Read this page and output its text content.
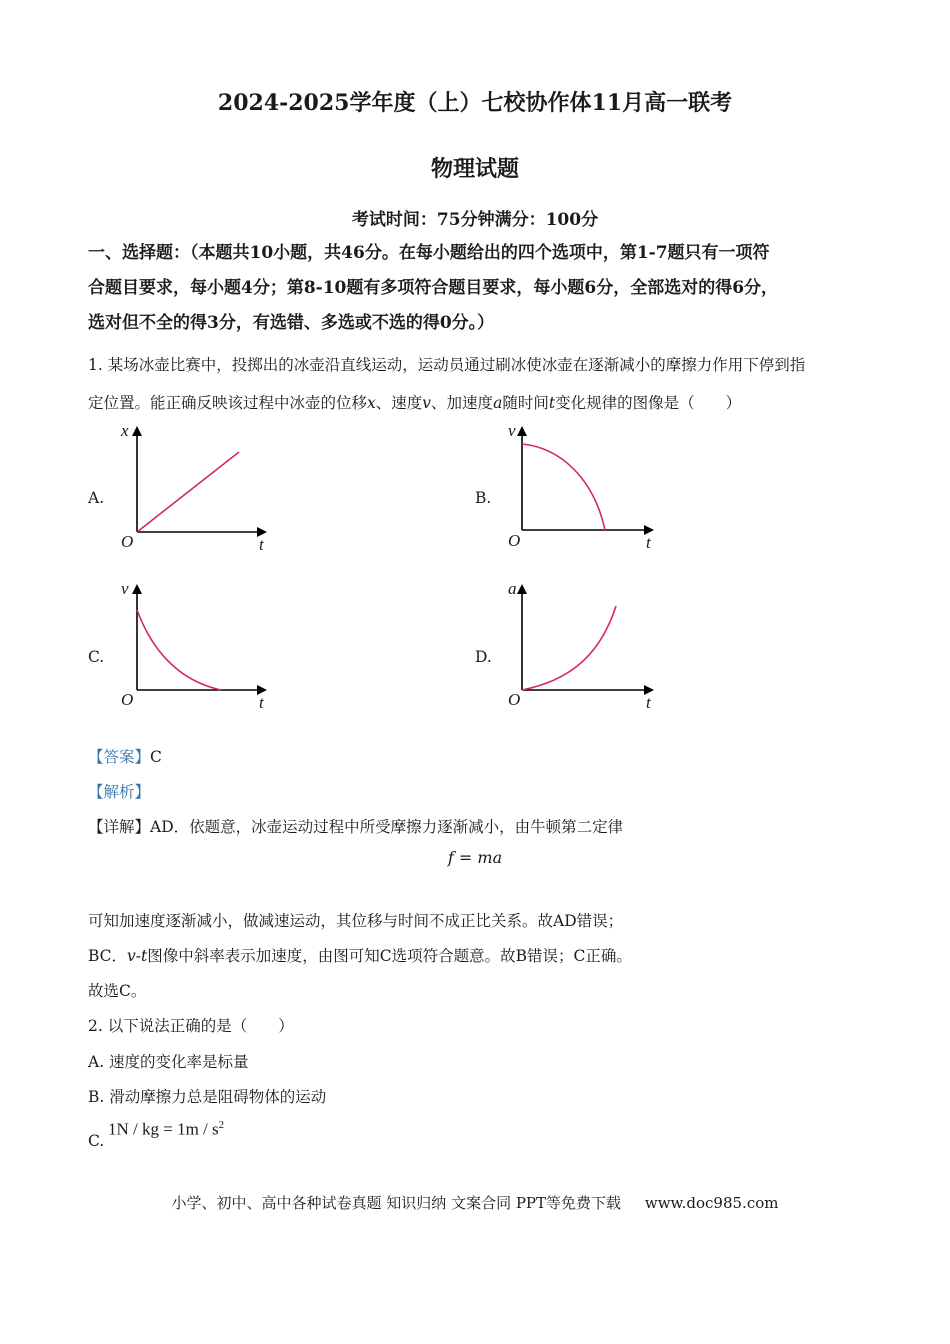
2024-2025学年度（上）七校协作体11月高一联考
物理试题
考试时间：75分钟满分：100分
一、选择题：（本题共10小题，共46分。在每小题给出的四个选项中，第1-7题只有一项符
合题目要求，每小题4分；第8-10题有多项符合题目要求，每小题6分，全部选对的得6分，
选对但不全的得3分，有选错、多选或不选的得0分。）
1. 某场冰壶比赛中，投掷出的冰壶沿直线运动，运动员通过刷冰使冰壶在逐渐减小的摩擦力作用下停到指
定位置。能正确反映该过程中冰壶的位移x、速度v、加速度a随时间t变化规律的图像是（　　）
A.
x
t
O
B.
v
t
O
C.
v
t
O
D.
a
t
O
【答案】C
【解析】
【详解】AD．依题意，冰壶运动过程中所受摩擦力逐渐减小，由牛顿第二定律
f = ma
可知加速度逐渐减小，做减速运动，其位移与时间不成正比关系。故AD错误；
BC．v-t图像中斜率表示加速度，由图可知C选项符合题意。故B错误；C正确。
故选C。
2. 以下说法正确的是（　　）
A. 速度的变化率是标量
B. 滑动摩擦力总是阻碍物体的运动
C.
1N / kg = $1m / s^2$
小学、初中、高中各种试卷真题 知识归纳 文案合同 PPT等免费下载 www.doc985.com
